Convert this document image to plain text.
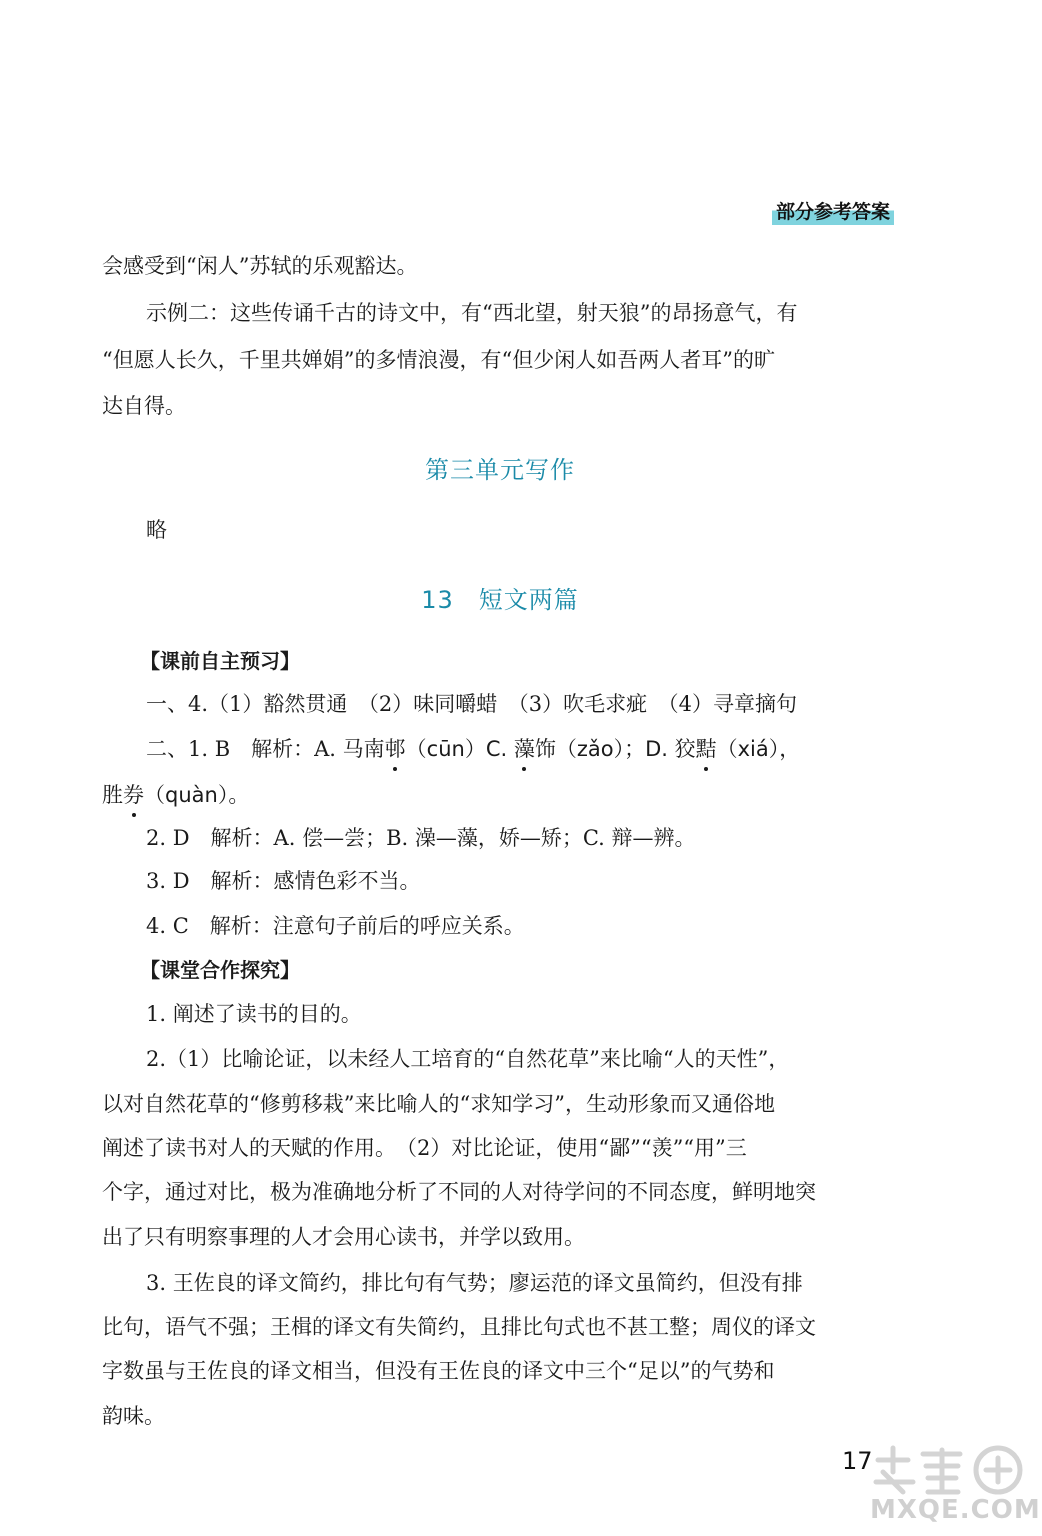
部分参考答案
会感受到“闲人”苏轼的乐观豁达。
示例二：这些传诵千古的诗文中，有“西北望，射天狼”的昂扬意气，有
“但愿人长久，千里共婵娟”的多情浪漫，有“但少闲人如吾两人者耳”的旷
达自得。
第三单元写作
略
13　短文两篇
【课前自主预习】
一、4.（1）豁然贯通　（2）味同嚼蜡　（3）吹毛求疵　（4）寻章摘句
二、1. B　解析：A. 马南邨（cūn）C. 藻饰（zǎo）；D. 狡黠（xiá），
胜券（quàn）。
2. D　解析：A. 偿—尝；B. 澡—藻，娇—矫；C. 辩—辨。
3. D　解析：感情色彩不当。
4. C　解析：注意句子前后的呼应关系。
【课堂合作探究】
1. 阐述了读书的目的。
2.（1）比喻论证，以未经人工培育的“自然花草”来比喻“人的天性”，
以对自然花草的“修剪移栽”来比喻人的“求知学习”，生动形象而又通俗地
阐述了读书对人的天赋的作用。　（2）对比论证，使用“鄙”“羡”“用”三
个字，通过对比，极为准确地分析了不同的人对待学问的不同态度，鲜明地突
出了只有明察事理的人才会用心读书，并学以致用。
3. 王佐良的译文简约，排比句有气势；廖运范的译文虽简约，但没有排
比句，语气不强；王楫的译文有失简约，且排比句式也不甚工整；周仪的译文
字数虽与王佐良的译文相当，但没有王佐良的译文中三个“足以”的气势和
韵味。
17
MXQE.COM
